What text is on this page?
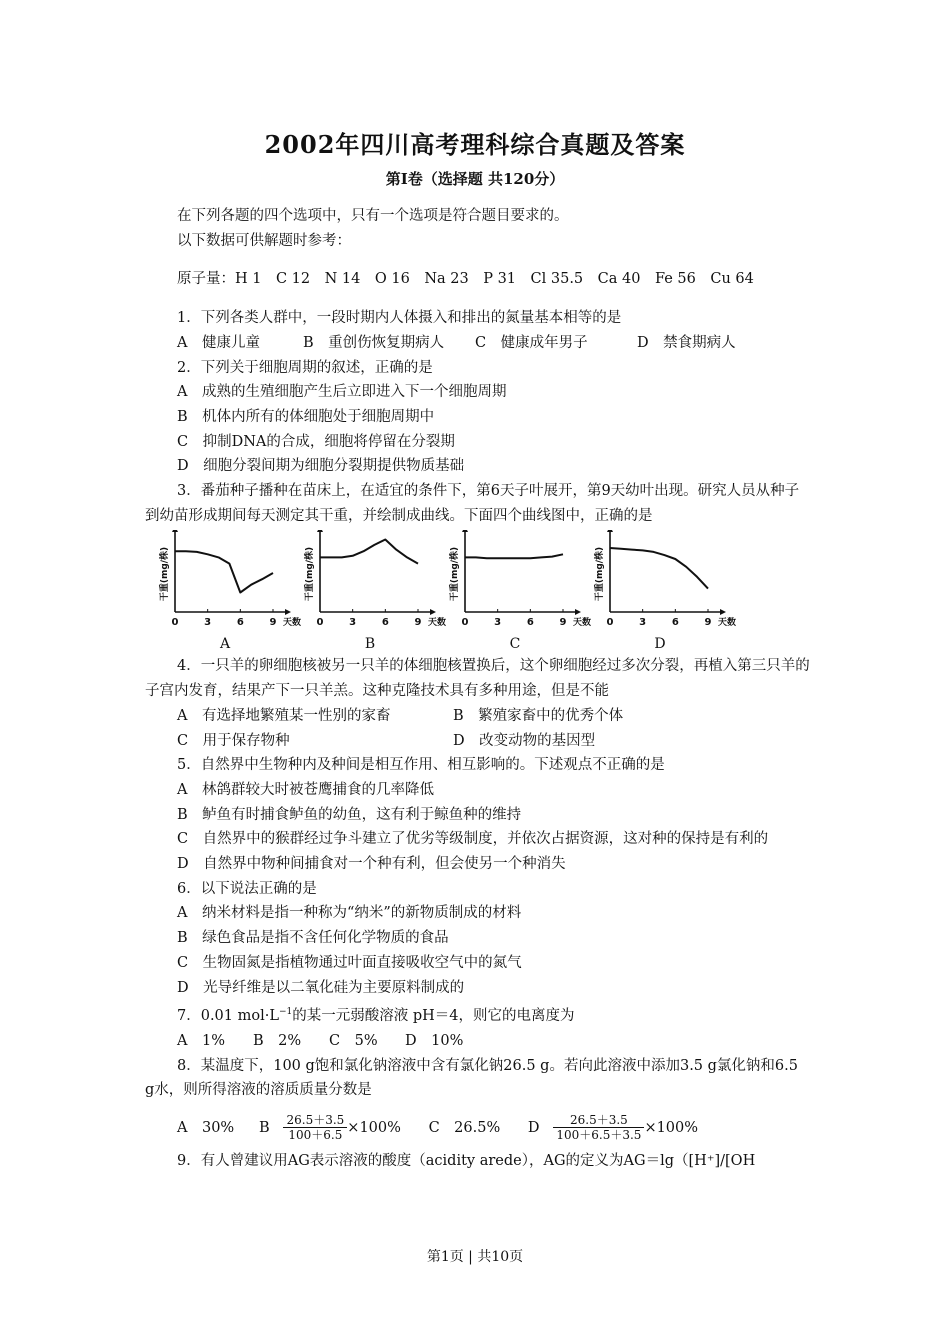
2002年四川高考理科综合真题及答案
第Ⅰ卷（选择题 共120分）

在下列各题的四个选项中，只有一个选项是符合题目要求的。

以下数据可供解题时参考：

原子量：H 1　C 12　N 14　O 16　Na 23　P 31　Cl 35.5　Ca 40　Fe 56　Cu 64

1．下列各类人群中，一段时期内人体摄入和排出的氮量基本相等的是

A　健康儿童	B　重创伤恢复期病人 C　健康成年男子	D　禁食期病人

2．下列关于细胞周期的叙述，正确的是

A　成熟的生殖细胞产生后立即进入下一个细胞周期

B　机体内所有的体细胞处于细胞周期中

C　抑制DNA的合成，细胞将停留在分裂期

D　细胞分裂间期为细胞分裂期提供物质基础

3．番茄种子播种在苗床上，在适宜的条件下，第6天子叶展开，第9天幼叶出现。研究人员从种子到幼苗形成期间每天测定其干重，并绘制成曲线。下面四个曲线图中，正确的是

干重(mg/株)
0	3	6	9 天数
A
干重(mg/株)
0	3	6	9 天数
B
干重(mg/株)
0	3	6	9 天数
C
干重(mg/株)
0	3	6	9 天数
D

4．一只羊的卵细胞核被另一只羊的体细胞核置换后，这个卵细胞经过多次分裂，再植入第三只羊的子宫内发育，结果产下一只羊羔。这种克隆技术具有多种用途，但是不能

A　有选择地繁殖某一性别的家畜	B　繁殖家畜中的优秀个体

C　用于保存物种	D　改变动物的基因型

5．自然界中生物种内及种间是相互作用、相互影响的。下述观点不正确的是

A　林鸽群较大时被苍鹰捕食的几率降低

B　鲈鱼有时捕食鲈鱼的幼鱼，这有利于鲸鱼种的维持

C　自然界中的猴群经过争斗建立了优劣等级制度，并依次占据资源，这对种的保持是有利的

D　自然界中物种间捕食对一个种有利，但会使另一个种消失

6．以下说法正确的是

A　纳米材料是指一种称为“纳米”的新物质制成的材料

B　绿色食品是指不含任何化学物质的食品

C　生物固氮是指植物通过叶面直接吸收空气中的氮气

D　光导纤维是以二氧化硅为主要原料制成的

7．0.01 $mol\cdot L^{-1}$的某一元弱酸溶液 pH＝4，则它的电离度为

A　1% B　2% C　5% D　10%

8．某温度下，100 g饱和氯化钠溶液中含有氯化钠26.5 g。若向此溶液中添加3.5 g氯化钠和6.5 g水，则所得溶液的溶质质量分数是

A　30% B $\frac{26.5+3.5}{100+6.5} \times 100\%$ C　26.5% D $\frac{26.5+3.5}{100+6.5+3.5} \times 100\%$

9．有人曾建议用AG表示溶液的酸度（acidity arede），AG的定义为AG＝lg（[H⁺]/[OH

第1页 | 共10页
